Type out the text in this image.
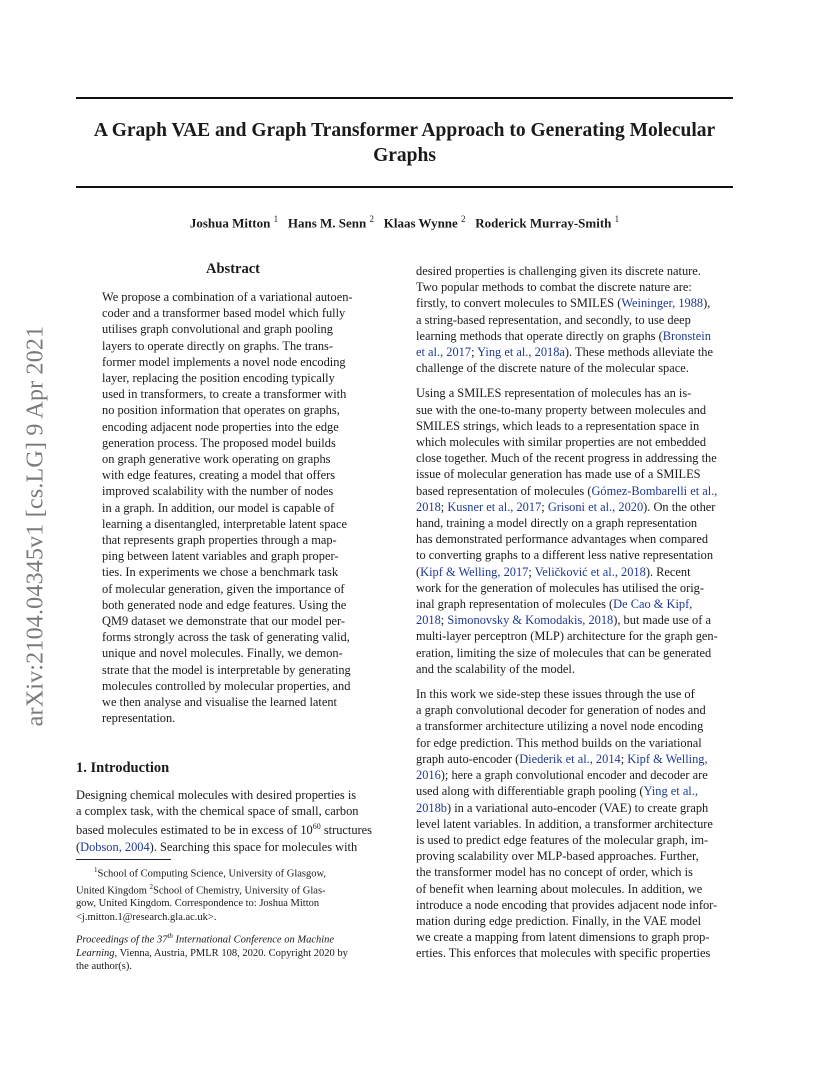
A Graph VAE and Graph Transformer Approach to Generating Molecular
Graphs
Joshua Mitton $^1$ Hans M. Senn $^2$ Klaas Wynne $^2$ Roderick Murray-Smith $^1$
arXiv:2104.04345v1 [cs.LG] 9 Apr 2021
Abstract
We propose a combination of a variational autoen-
coder and a transformer based model which fully
utilises graph convolutional and graph pooling
layers to operate directly on graphs. The trans-
former model implements a novel node encoding
layer, replacing the position encoding typically
used in transformers, to create a transformer with
no position information that operates on graphs,
encoding adjacent node properties into the edge
generation process. The proposed model builds
on graph generative work operating on graphs
with edge features, creating a model that offers
improved scalability with the number of nodes
in a graph. In addition, our model is capable of
learning a disentangled, interpretable latent space
that represents graph properties through a map-
ping between latent variables and graph proper-
ties. In experiments we chose a benchmark task
of molecular generation, given the importance of
both generated node and edge features. Using the
QM9 dataset we demonstrate that our model per-
forms strongly across the task of generating valid,
unique and novel molecules. Finally, we demon-
strate that the model is interpretable by generating
molecules controlled by molecular properties, and
we then analyse and visualise the learned latent
representation.
1. Introduction
Designing chemical molecules with desired properties is
a complex task, with the chemical space of small, carbon
based molecules estimated to be in excess of $10^{60}$ structures
(Dobson, 2004). Searching this space for molecules with
$^1$School of Computing Science, University of Glasgow,
United Kingdom $^2$School of Chemistry, University of Glas-
gow, United Kingdom. Correspondence to: Joshua Mitton
<j.mitton.1@research.gla.ac.uk>.
Proceedings of the 37th International Conference on Machine
Learning, Vienna, Austria, PMLR 108, 2020. Copyright 2020 by
the author(s).

desired properties is challenging given its discrete nature.
Two popular methods to combat the discrete nature are:
firstly, to convert molecules to SMILES (Weininger, 1988),
a string-based representation, and secondly, to use deep
learning methods that operate directly on graphs (Bronstein
et al., 2017; Ying et al., 2018a). These methods alleviate the
challenge of the discrete nature of the molecular space.

Using a SMILES representation of molecules has an is-
sue with the one-to-many property between molecules and
SMILES strings, which leads to a representation space in
which molecules with similar properties are not embedded
close together. Much of the recent progress in addressing the
issue of molecular generation has made use of a SMILES
based representation of molecules (Gómez-Bombarelli et al.,
2018; Kusner et al., 2017; Grisoni et al., 2020). On the other
hand, training a model directly on a graph representation
has demonstrated performance advantages when compared
to converting graphs to a different less native representation
(Kipf & Welling, 2017; Veličković et al., 2018). Recent
work for the generation of molecules has utilised the orig-
inal graph representation of molecules (De Cao & Kipf,
2018; Simonovsky & Komodakis, 2018), but made use of a
multi-layer perceptron (MLP) architecture for the graph gen-
eration, limiting the size of molecules that can be generated
and the scalability of the model.

In this work we side-step these issues through the use of
a graph convolutional decoder for generation of nodes and
a transformer architecture utilizing a novel node encoding
for edge prediction. This method builds on the variational
graph auto-encoder (Diederik et al., 2014; Kipf & Welling,
2016); here a graph convolutional encoder and decoder are
used along with differentiable graph pooling (Ying et al.,
2018b) in a variational auto-encoder (VAE) to create graph
level latent variables. In addition, a transformer architecture
is used to predict edge features of the molecular graph, im-
proving scalability over MLP-based approaches. Further,
the transformer model has no concept of order, which is
of benefit when learning about molecules. In addition, we
introduce a node encoding that provides adjacent node infor-
mation during edge prediction. Finally, in the VAE model
we create a mapping from latent dimensions to graph prop-
erties. This enforces that molecules with specific properties
